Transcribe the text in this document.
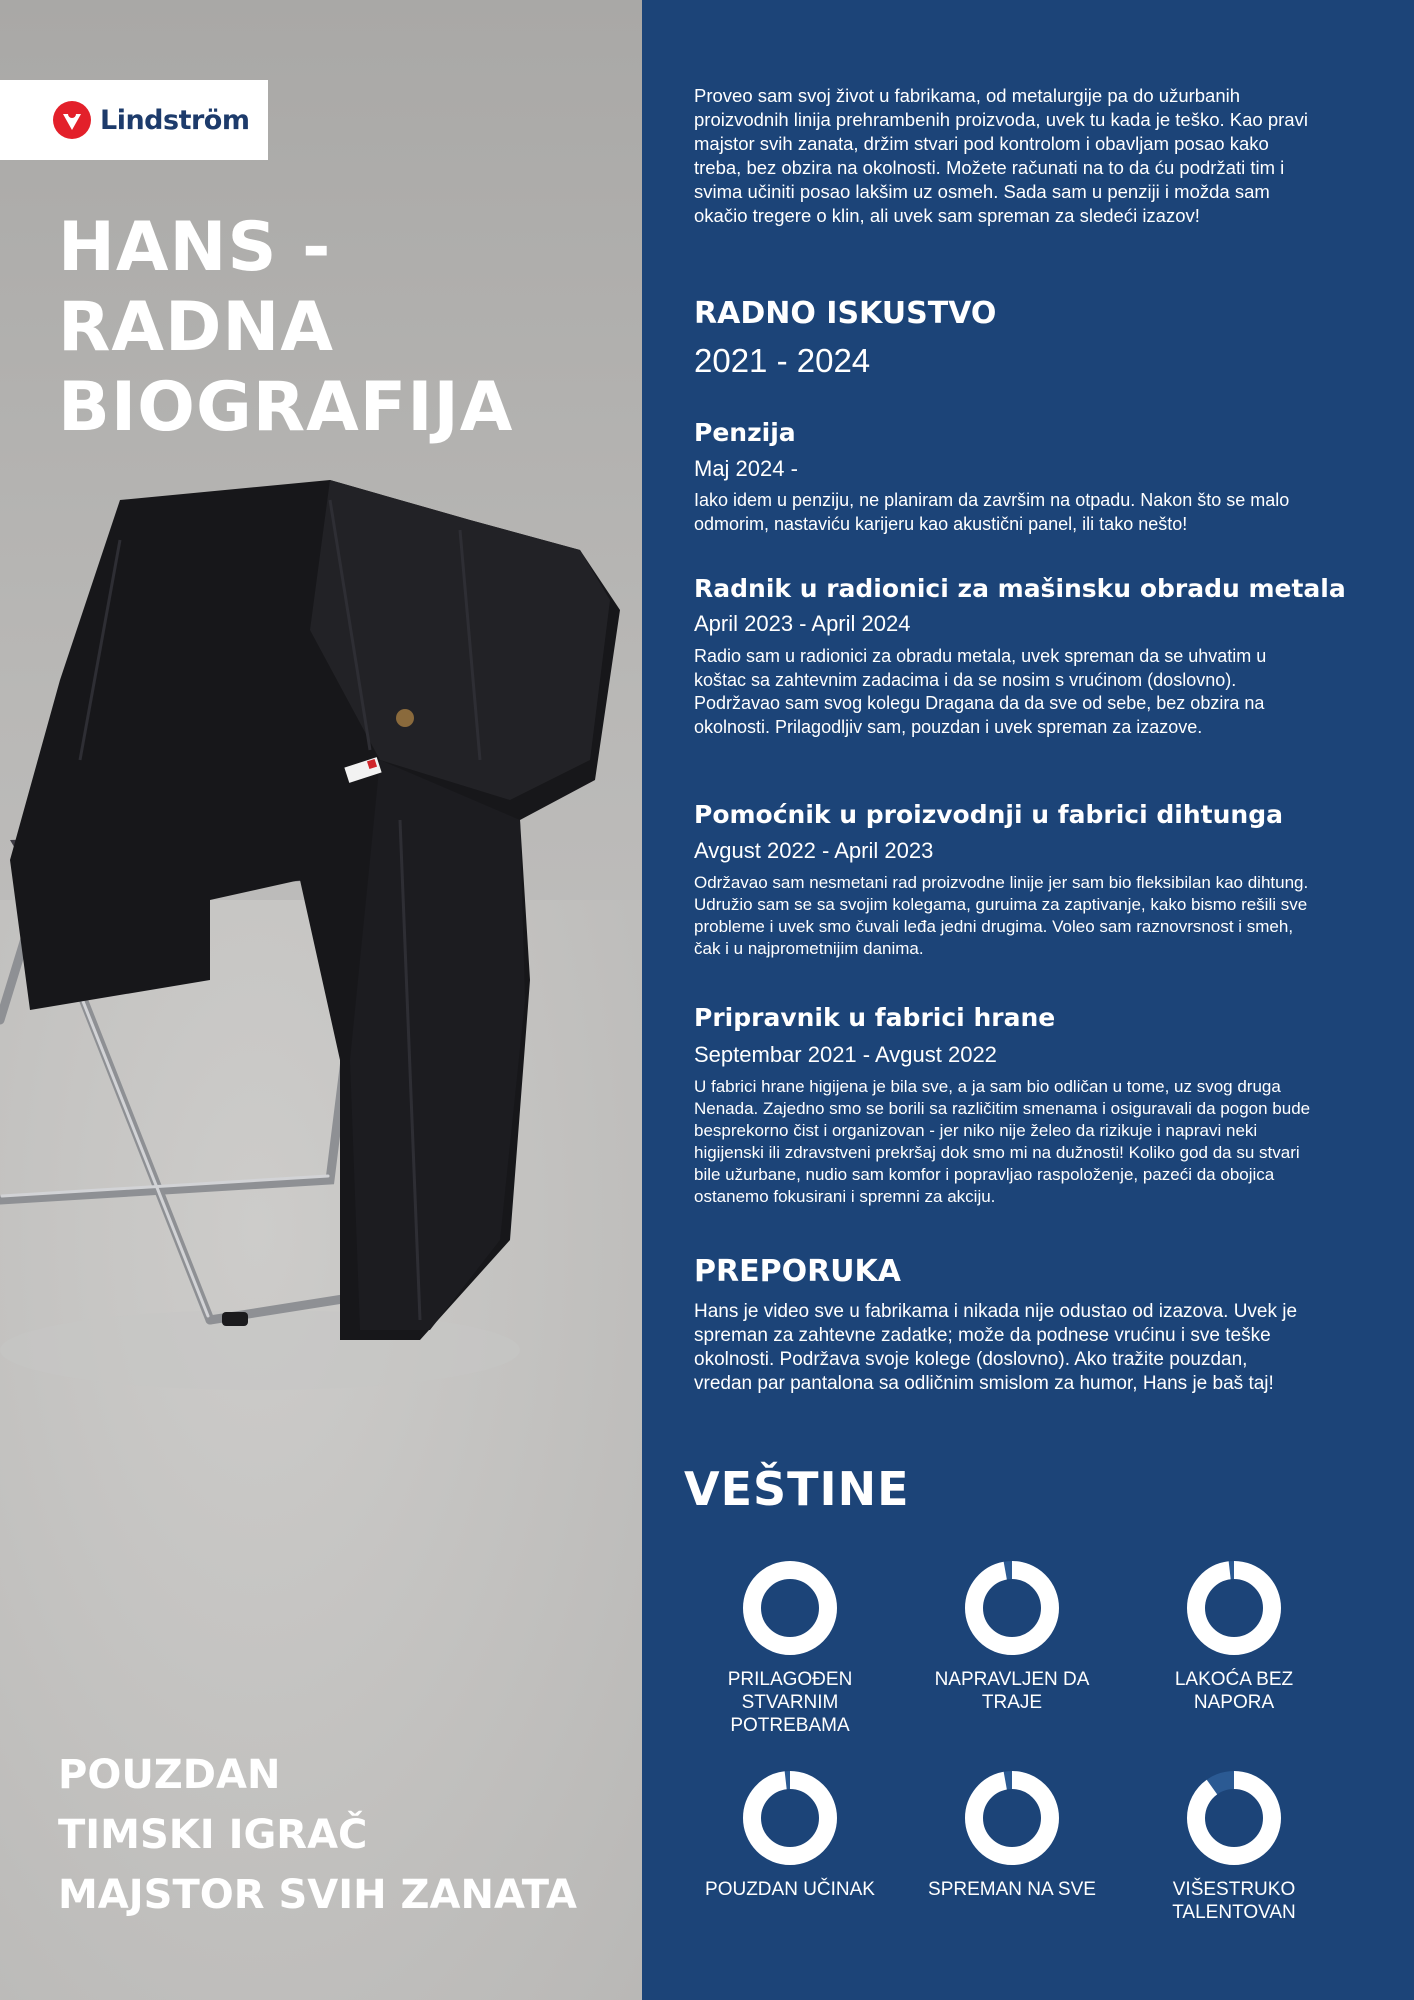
Lindström
HANS -
RADNA
BIOGRAFIJA
POUZDAN
TIMSKI IGRAČ
MAJSTOR SVIH ZANATA
Proveo sam svoj život u fabrikama, od metalurgije pa do užurbanih proizvodnih linija prehrambenih proizvoda, uvek tu kada je teško. Kao pravi majstor svih zanata, držim stvari pod kontrolom i obavljam posao kako treba, bez obzira na okolnosti. Možete računati na to da ću podržati tim i svima učiniti posao lakšim uz osmeh. Sada sam u penziji i možda sam okačio tregere o klin, ali uvek sam spreman za sledeći izazov!
RADNO ISKUSTVO
2021 - 2024
Penzija
Maj 2024 -
Iako idem u penziju, ne planiram da završim na otpadu. Nakon što se malo odmorim, nastaviću karijeru kao akustični panel, ili tako nešto!
Radnik u radionici za mašinsku obradu metala
April 2023 - April 2024
Radio sam u radionici za obradu metala, uvek spreman da se uhvatim u koštac sa zahtevnim zadacima i da se nosim s vrućinom (doslovno). Podržavao sam svog kolegu Dragana da da sve od sebe, bez obzira na okolnosti. Prilagodljiv sam, pouzdan i uvek spreman za izazove.
Pomoćnik u proizvodnji u fabrici dihtunga
Avgust 2022 - April 2023
Održavao sam nesmetani rad proizvodne linije jer sam bio fleksibilan kao dihtung. Udružio sam se sa svojim kolegama, guruima za zaptivanje, kako bismo rešili sve probleme i uvek smo čuvali leđa jedni drugima. Voleo sam raznovrsnost i smeh, čak i u najprometnijim danima.
Pripravnik u fabrici hrane
Septembar 2021 - Avgust 2022
U fabrici hrane higijena je bila sve, a ja sam bio odličan u tome, uz svog druga Nenada. Zajedno smo se borili sa različitim smenama i osiguravali da pogon bude besprekorno čist i organizovan - jer niko nije želeo da rizikuje i napravi neki higijenski ili zdravstveni prekršaj dok smo mi na dužnosti! Koliko god da su stvari bile užurbane, nudio sam komfor i popravljao raspoloženje, pazeći da obojica ostanemo fokusirani i spremni za akciju.
PREPORUKA
Hans je video sve u fabrikama i nikada nije odustao od izazova. Uvek je spreman za zahtevne zadatke; može da podnese vrućinu i sve teške okolnosti. Podržava svoje kolege (doslovno). Ako tražite pouzdan, vredan par pantalona sa odličnim smislom za humor, Hans je baš taj!
VEŠTINE
PRILAGOĐEN STVARNIM POTREBAMA
NAPRAVLJEN DA TRAJE
LAKOĆA BEZ NAPORA
POUZDAN UČINAK	SPREMAN NA SVE	VIŠESTRUKO TALENTOVAN
